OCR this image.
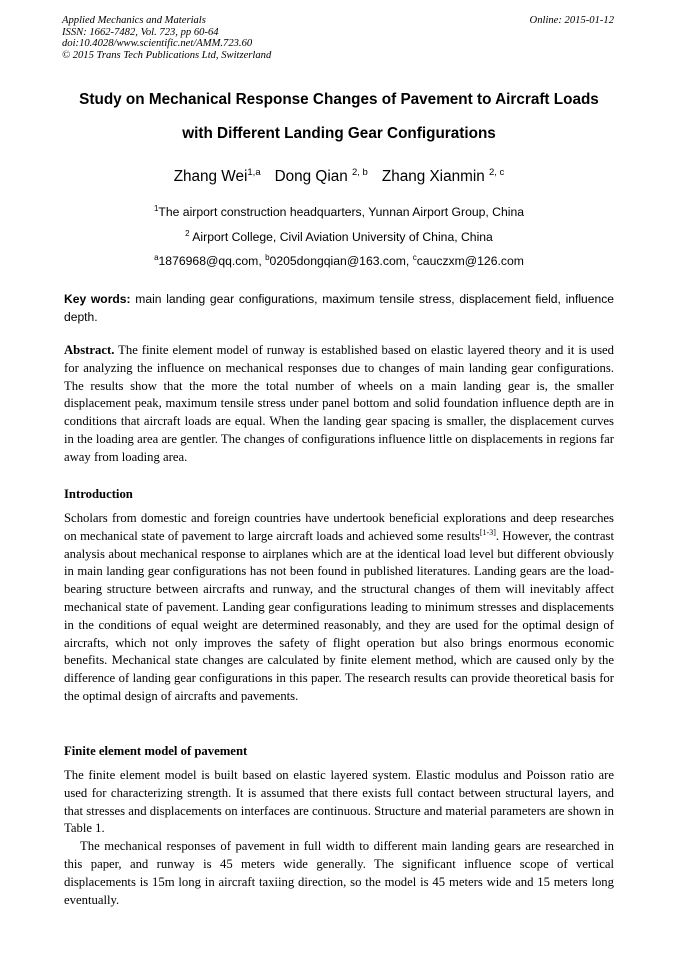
Applied Mechanics and Materials
ISSN: 1662-7482, Vol. 723, pp 60-64
doi:10.4028/www.scientific.net/AMM.723.60
© 2015 Trans Tech Publications Ltd, Switzerland
Online: 2015-01-12
Study on Mechanical Response Changes of Pavement to Aircraft Loads
with Different Landing Gear Configurations
Zhang Wei$^{1,a}$ Dong Qian $^{2, b}$ Zhang Xianmin $^{2, c}$
$^1$The airport construction headquarters, Yunnan Airport Group, China
$^2$ Airport College, Civil Aviation University of China, China
$^a$1876968@qq.com, $^b$0205dongqian@163.com, $^c$cauczxm@126.com
Key words: main landing gear configurations, maximum tensile stress, displacement field, influence depth.

Abstract. The finite element model of runway is established based on elastic layered theory and it is used for analyzing the influence on mechanical responses due to changes of main landing gear configurations. The results show that the more the total number of wheels on a main landing gear is, the smaller displacement peak, maximum tensile stress under panel bottom and solid foundation influence depth are in conditions that aircraft loads are equal. When the landing gear spacing is smaller, the displacement curves in the loading area are gentler. The changes of configurations influence little on displacements in regions far away from loading area.

Introduction

Scholars from domestic and foreign countries have undertook beneficial explorations and deep researches on mechanical state of pavement to large aircraft loads and achieved some results[1-3]. However, the contrast analysis about mechanical response to airplanes which are at the identical load level but different obviously in main landing gear configurations has not been found in published literatures. Landing gears are the load-bearing structure between aircrafts and runway, and the structural changes of them will inevitably affect mechanical state of pavement. Landing gear configurations leading to minimum stresses and displacements in the conditions of equal weight are determined reasonably, and they are used for the optimal design of aircrafts, which not only improves the safety of flight operation but also brings enormous economic benefits. Mechanical state changes are calculated by finite element method, which are caused only by the difference of landing gear configurations in this paper. The research results can provide theoretical basis for the optimal design of aircrafts and pavements.

Finite element model of pavement

The finite element model is built based on elastic layered system. Elastic modulus and Poisson ratio are used for characterizing strength. It is assumed that there exists full contact between structural layers, and that stresses and displacements on interfaces are continuous. Structure and material parameters are shown in Table 1.

The mechanical responses of pavement in full width to different main landing gears are researched in this paper, and runway is 45 meters wide generally. The significant influence scope of vertical displacements is 15m long in aircraft taxiing direction, so the model is 45 meters wide and 15 meters long eventually.
